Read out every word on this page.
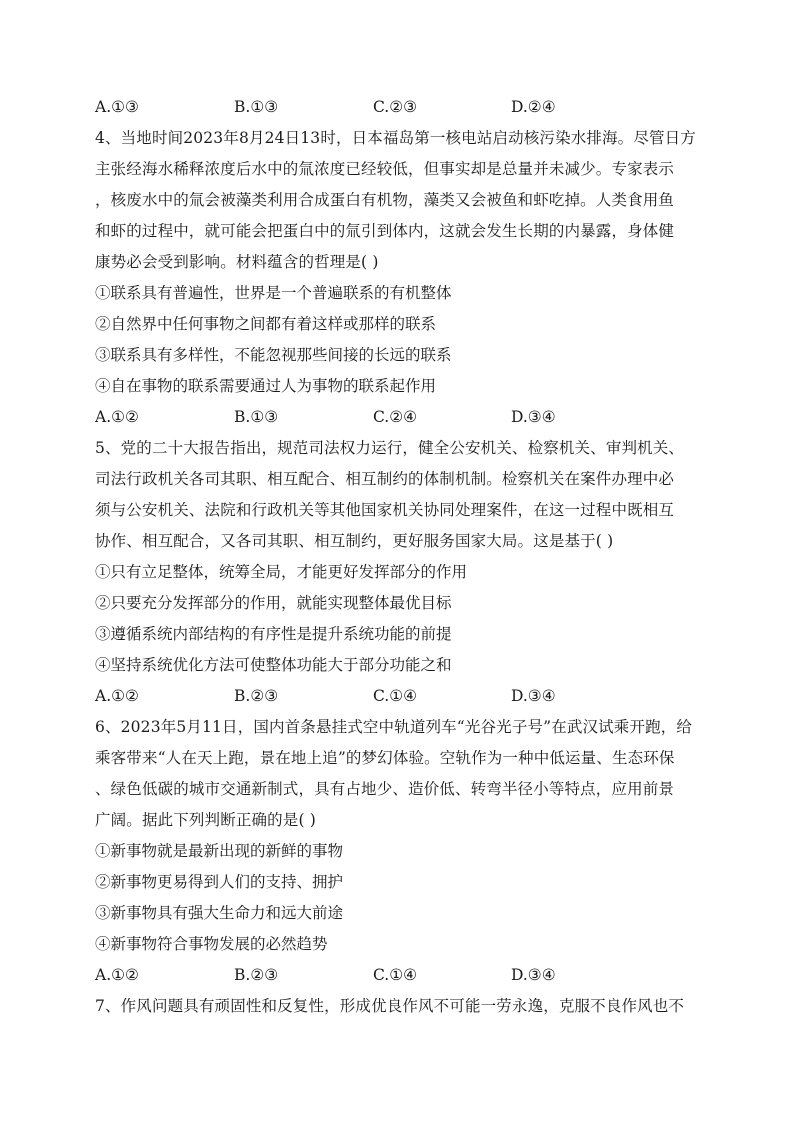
A.①③	B.①③	C.②③	D.②④
4、当地时间2023年8月24日13时，日本福岛第一核电站启动核污染水排海。尽管日方
主张经海水稀释浓度后水中的氚浓度已经较低，但事实却是总量并未减少。专家表示
，核废水中的氚会被藻类利用合成蛋白有机物，藻类又会被鱼和虾吃掉。人类食用鱼
和虾的过程中，就可能会把蛋白中的氚引到体内，这就会发生长期的内暴露，身体健
康势必会受到影响。材料蕴含的哲理是( )
①联系具有普遍性，世界是一个普遍联系的有机整体
②自然界中任何事物之间都有着这样或那样的联系
③联系具有多样性，不能忽视那些间接的长远的联系
④自在事物的联系需要通过人为事物的联系起作用
A.①②	B.①③	C.②④	D.③④
5、党的二十大报告指出，规范司法权力运行，健全公安机关、检察机关、审判机关、
司法行政机关各司其职、相互配合、相互制约的体制机制。检察机关在案件办理中必
须与公安机关、法院和行政机关等其他国家机关协同处理案件，在这一过程中既相互
协作、相互配合，又各司其职、相互制约，更好服务国家大局。这是基于( )
①只有立足整体，统筹全局，才能更好发挥部分的作用
②只要充分发挥部分的作用，就能实现整体最优目标
③遵循系统内部结构的有序性是提升系统功能的前提
④坚持系统优化方法可使整体功能大于部分功能之和
A.①②	B.②③	C.①④	D.③④
6、2023年5月11日，国内首条悬挂式空中轨道列车“光谷光子号”在武汉试乘开跑，给
乘客带来“人在天上跑，景在地上追”的梦幻体验。空轨作为一种中低运量、生态环保
、绿色低碳的城市交通新制式，具有占地少、造价低、转弯半径小等特点，应用前景
广阔。据此下列判断正确的是( )
①新事物就是最新出现的新鲜的事物
②新事物更易得到人们的支持、拥护
③新事物具有强大生命力和远大前途
④新事物符合事物发展的必然趋势
A.①②	B.②③	C.①④	D.③④
7、作风问题具有顽固性和反复性，形成优良作风不可能一劳永逸，克服不良作风也不
